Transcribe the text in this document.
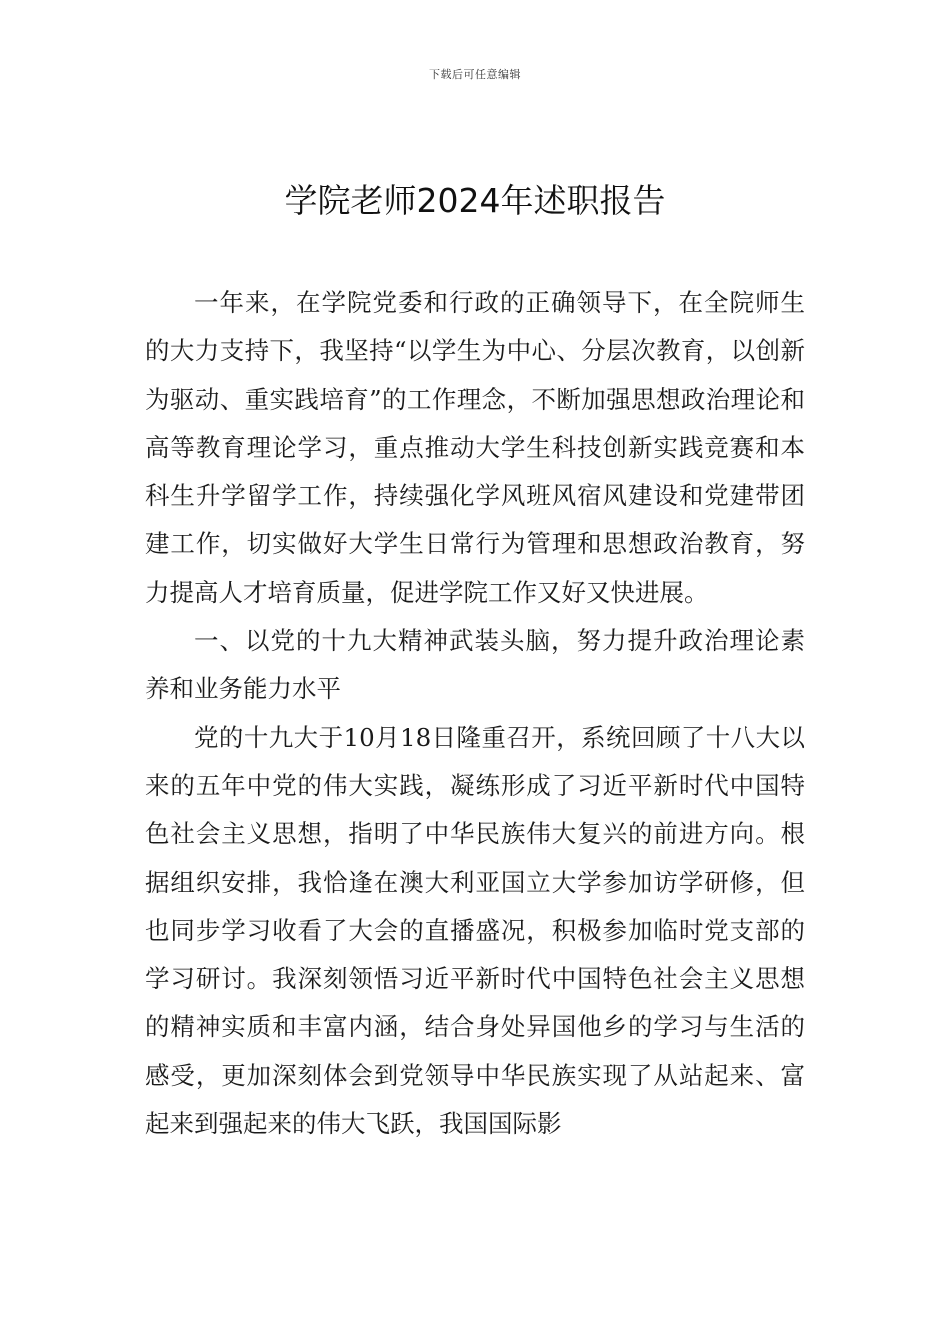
下载后可任意编辑
学院老师2024年述职报告

一年来，在学院党委和行政的正确领导下，在全院师生的大力支持下，我坚持“以学生为中心、分层次教育，以创新为驱动、重实践培育”的工作理念，不断加强思想政治理论和高等教育理论学习，重点推动大学生科技创新实践竞赛和本科生升学留学工作，持续强化学风班风宿风建设和党建带团建工作，切实做好大学生日常行为管理和思想政治教育，努力提高人才培育质量，促进学院工作又好又快进展。

一、以党的十九大精神武装头脑，努力提升政治理论素养和业务能力水平

党的十九大于10月18日隆重召开，系统回顾了十八大以来的五年中党的伟大实践，凝练形成了习近平新时代中国特色社会主义思想，指明了中华民族伟大复兴的前进方向。根据组织安排，我恰逢在澳大利亚国立大学参加访学研修，但也同步学习收看了大会的直播盛况，积极参加临时党支部的学习研讨。我深刻领悟习近平新时代中国特色社会主义思想的精神实质和丰富内涵，结合身处异国他乡的学习与生活的感受，更加深刻体会到党领导中华民族实现了从站起来、富起来到强起来的伟大飞跃，我国国际影
